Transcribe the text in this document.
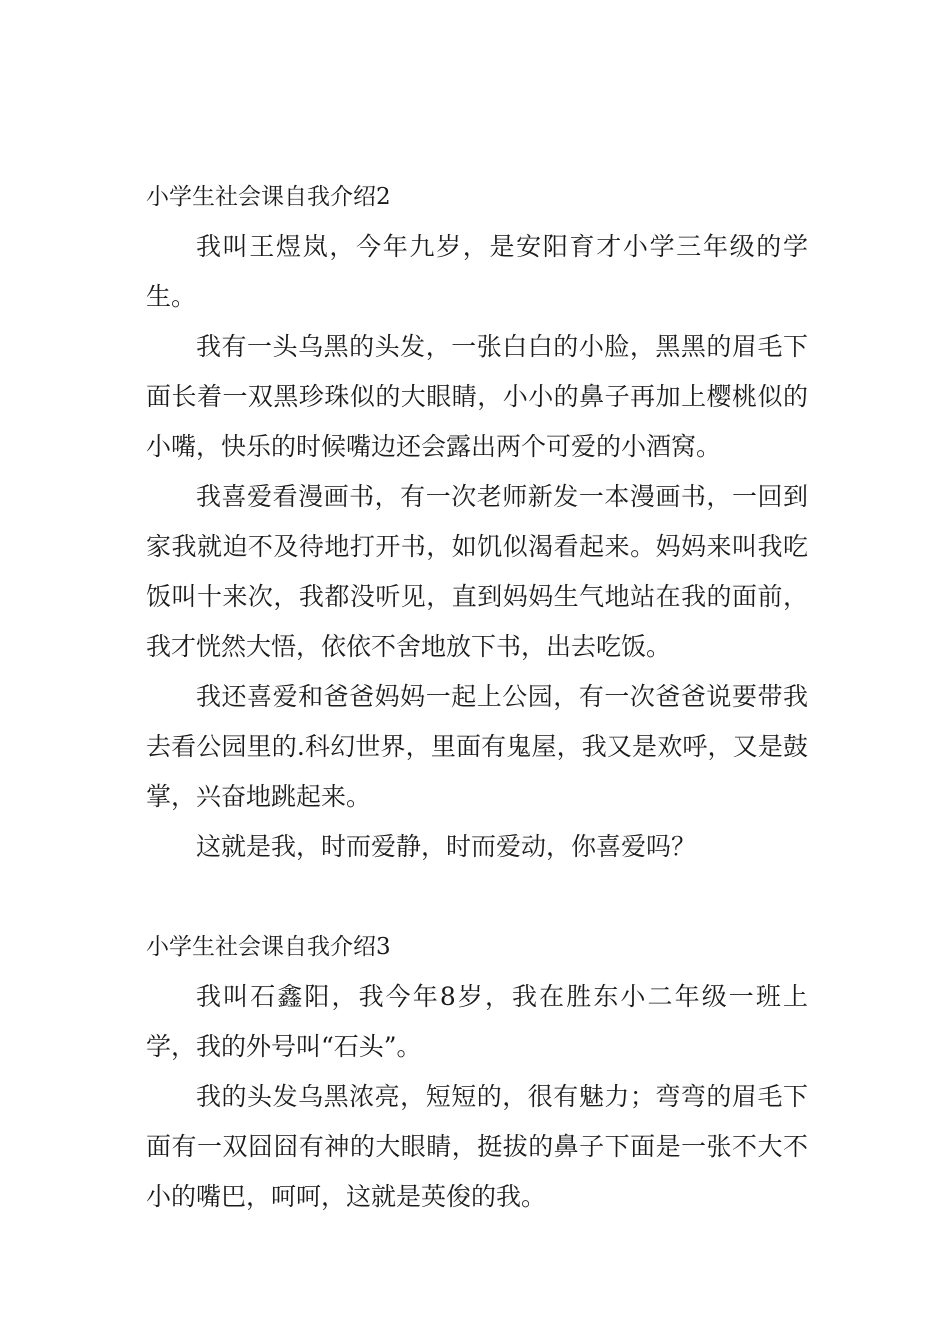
小学生社会课自我介绍2

我叫王煜岚，今年九岁，是安阳育才小学三年级的学生。

我有一头乌黑的头发，一张白白的小脸，黑黑的眉毛下面长着一双黑珍珠似的大眼睛，小小的鼻子再加上樱桃似的小嘴，快乐的时候嘴边还会露出两个可爱的小酒窝。

我喜爱看漫画书，有一次老师新发一本漫画书，一回到家我就迫不及待地打开书，如饥似渴看起来。妈妈来叫我吃饭叫十来次，我都没听见，直到妈妈生气地站在我的面前，我才恍然大悟，依依不舍地放下书，出去吃饭。

我还喜爱和爸爸妈妈一起上公园，有一次爸爸说要带我去看公园里的.科幻世界，里面有鬼屋，我又是欢呼，又是鼓掌，兴奋地跳起来。

这就是我，时而爱静，时而爱动，你喜爱吗？

小学生社会课自我介绍3

我叫石鑫阳，我今年8岁，我在胜东小二年级一班上学，我的外号叫“石头”。

我的头发乌黑浓亮，短短的，很有魅力；弯弯的眉毛下面有一双囧囧有神的大眼睛，挺拔的鼻子下面是一张不大不小的嘴巴，呵呵，这就是英俊的我。
